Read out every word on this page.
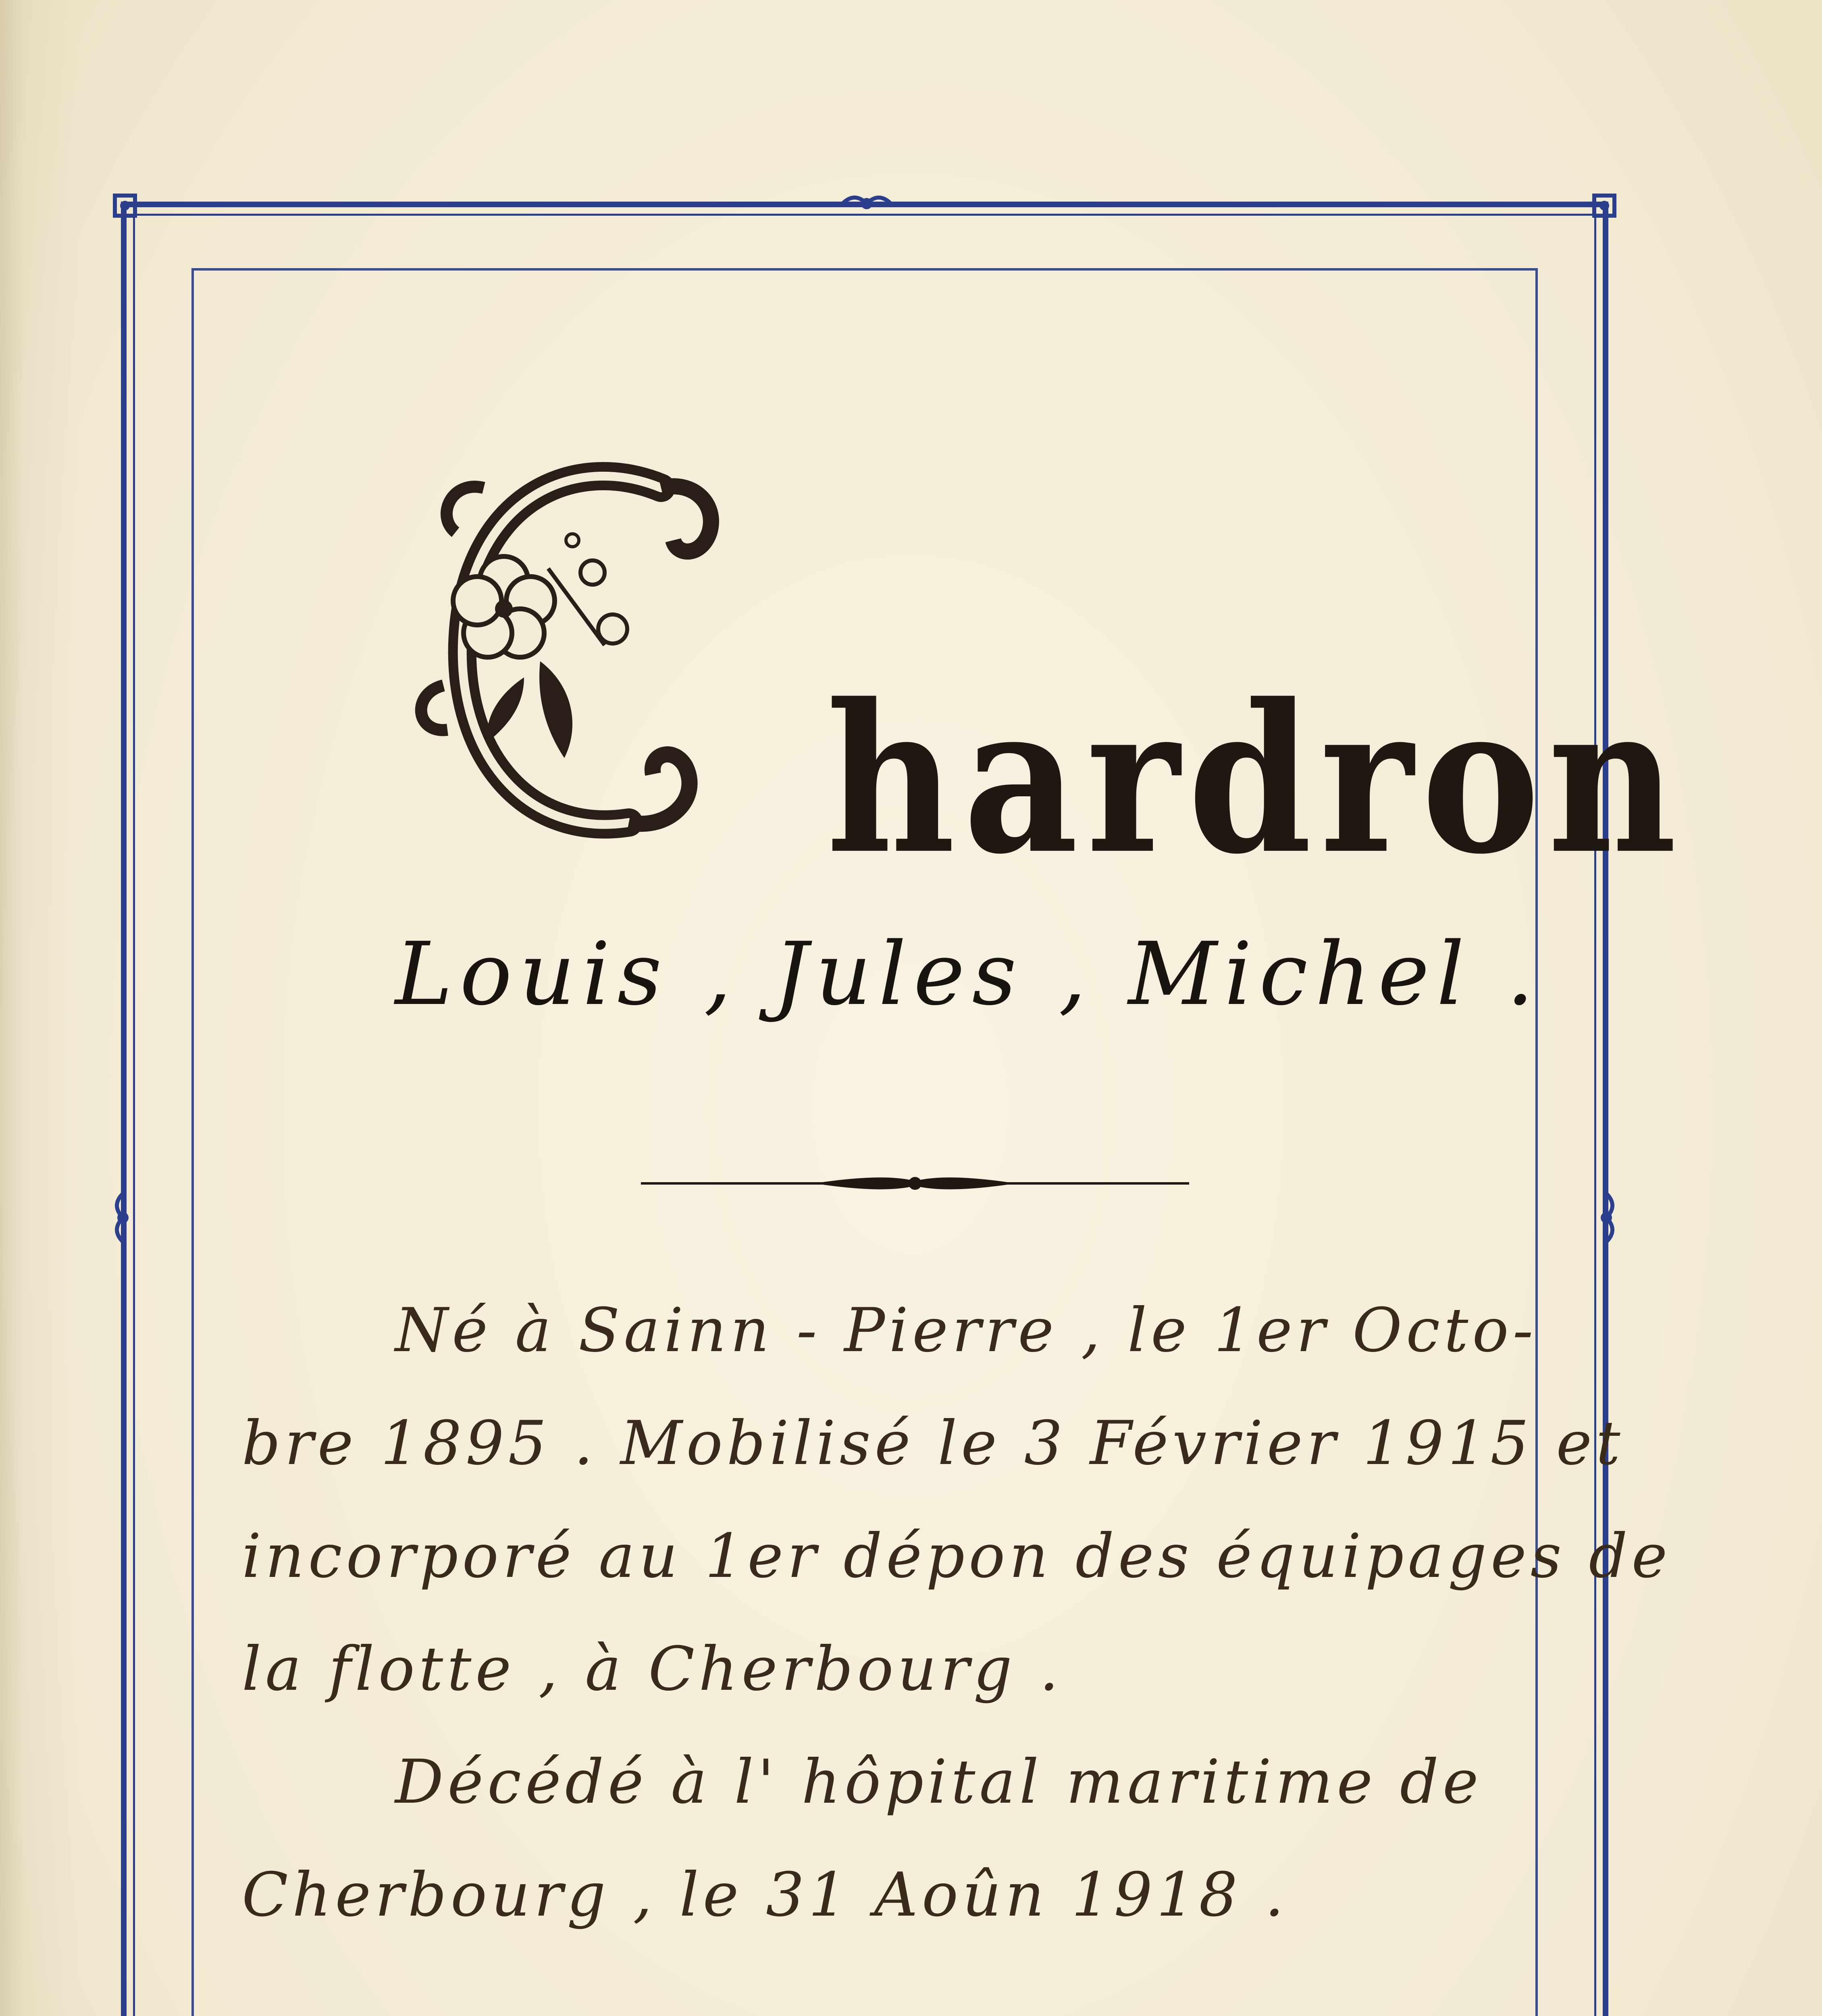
hardron
Louis , Jules , Michel .
Né à Sainn - Pierre , le 1er Octo-
bre 1895 . Mobilisé le 3 Février 1915 et
incorporé au 1er dépon des équipages de
la flotte , à Cherbourg .
Décédé à l' hôpital maritime de
Cherbourg , le 31 Aoûn 1918 .
